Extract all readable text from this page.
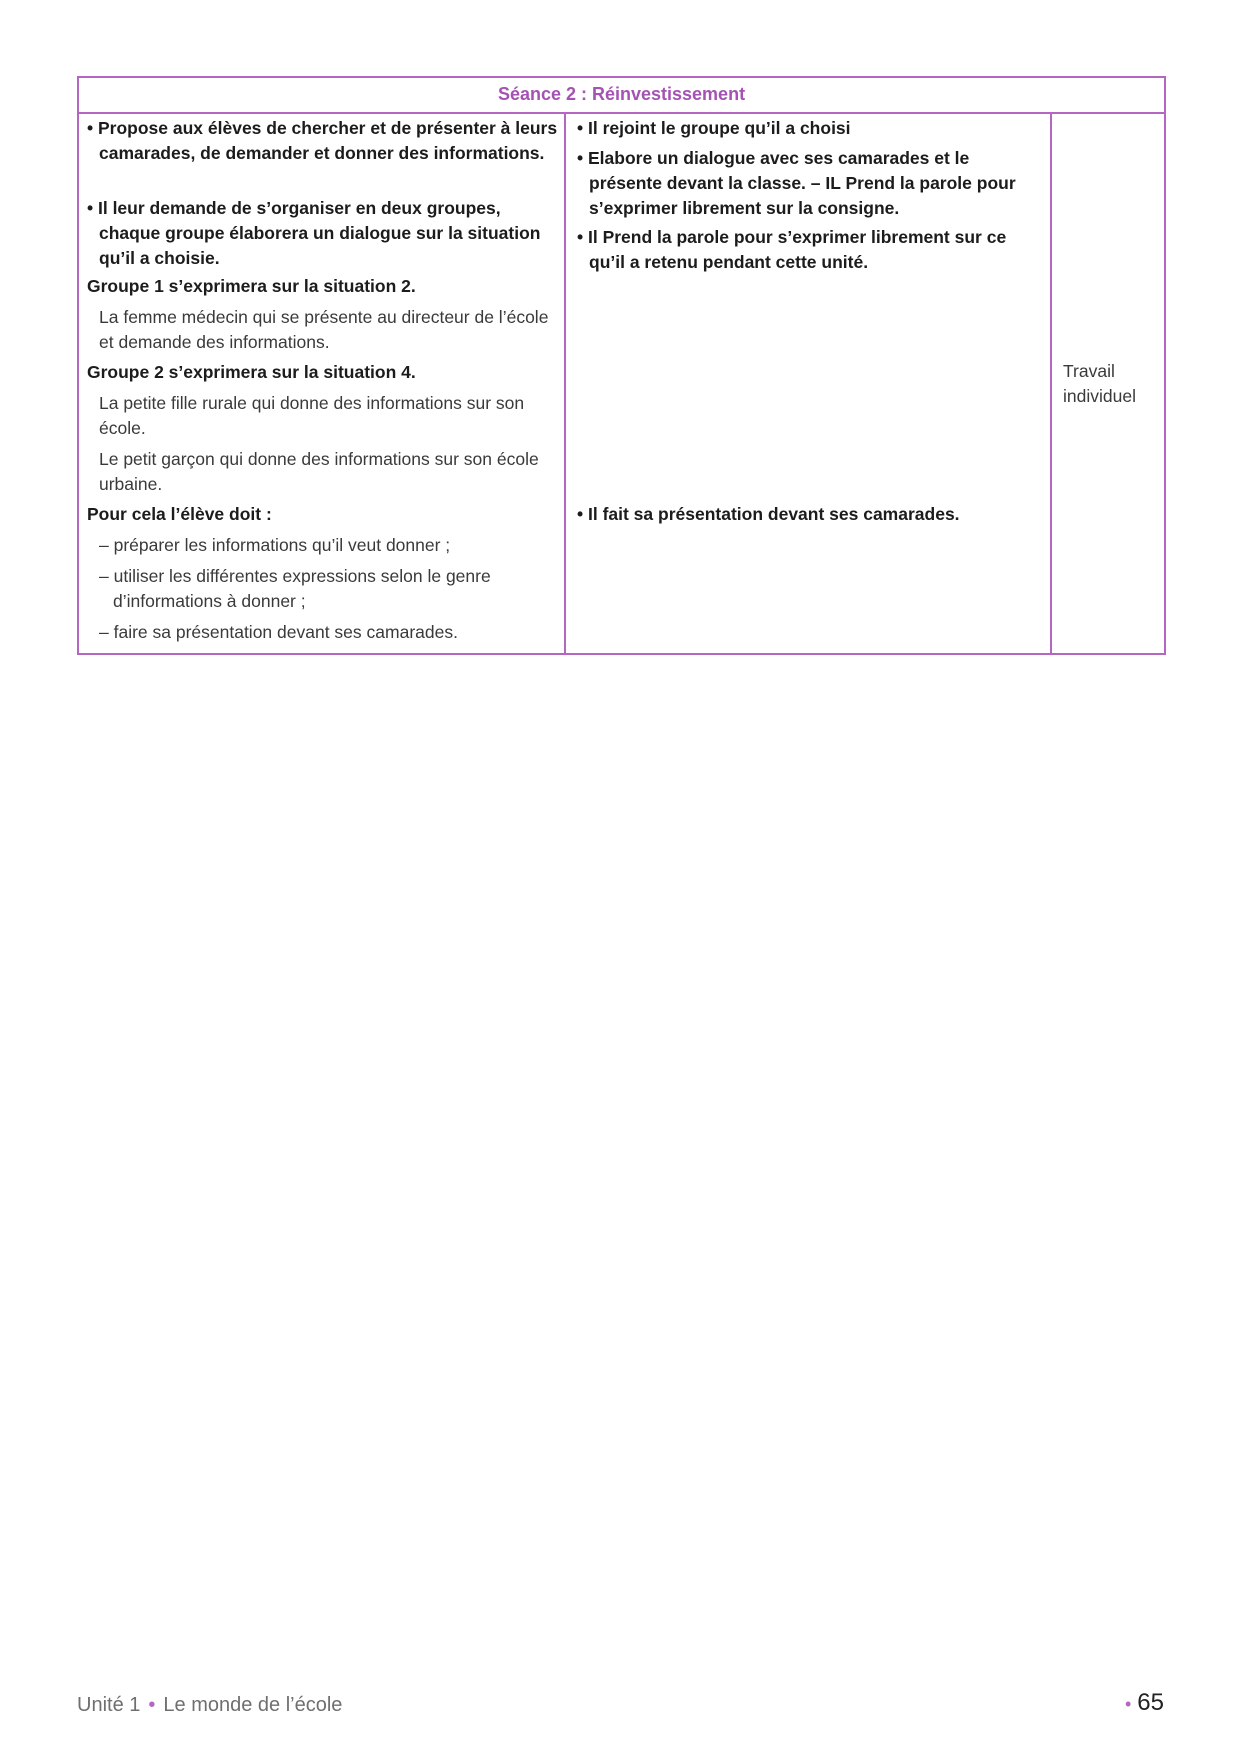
Séance 2 : Réinvestissement

• Propose aux élèves de chercher et de présenter à leurs camarades, de demander et donner des informations.

• Il leur demande de s’organiser en deux groupes, chaque groupe élaborera un dialogue sur la situation qu’il a choisie.

Groupe 1 s’exprimera sur la situation 2.

La femme médecin qui se présente au directeur de l’école et demande des informations.

Groupe 2 s’exprimera sur la situation 4.

La petite fille rurale qui donne des informations sur son école.

Le petit garçon qui donne des informations sur son école urbaine.

Pour cela l’élève doit :

– préparer les informations qu’il veut donner ;

– utiliser les différentes expressions selon le genre d’informations à donner ;

– faire sa présentation devant ses camarades.

• Il rejoint le groupe qu’il a choisi

• Elabore un dialogue avec ses camarades et le présente devant la classe. – IL Prend la parole pour s’exprimer librement sur la consigne.

• Il Prend la parole pour s’exprimer librement sur ce qu’il a retenu pendant cette unité.

• Il fait sa présentation devant ses camarades.

Travail individuel

Unité 1 • Le monde de l’école	• 65
